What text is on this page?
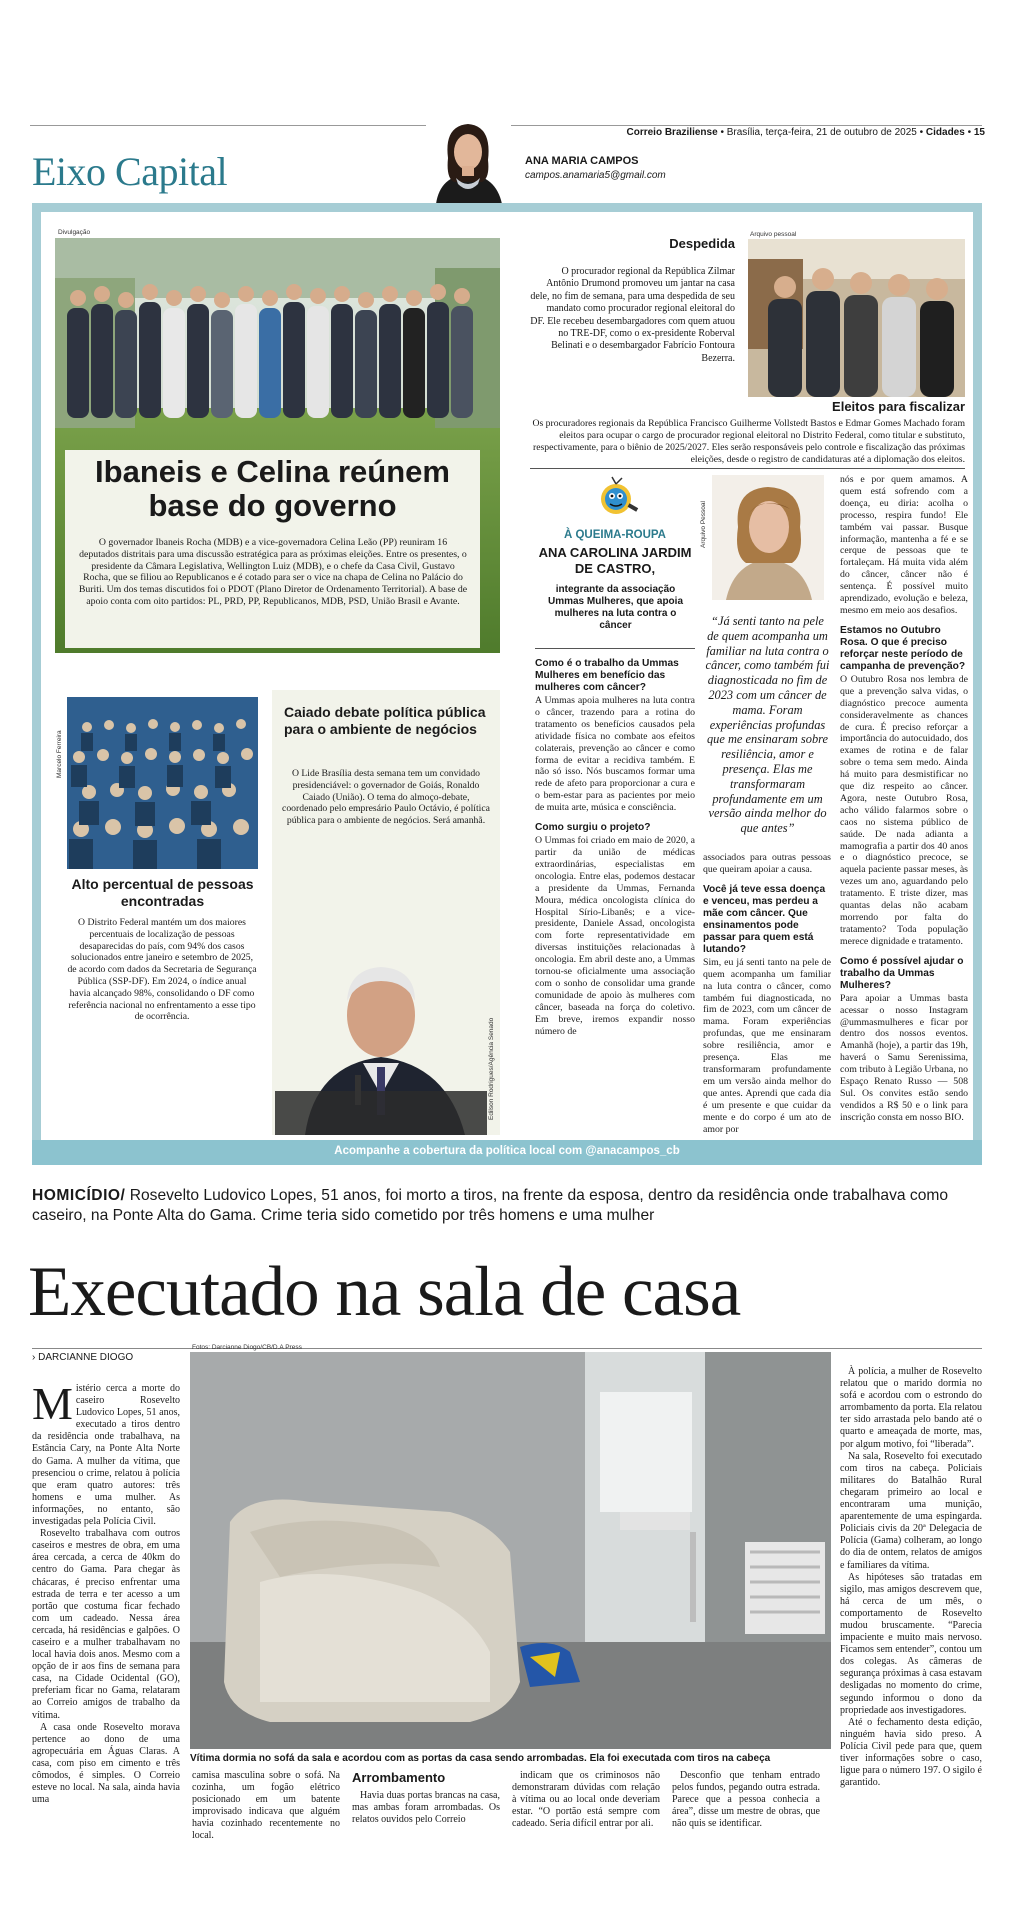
Correio Braziliense • Brasília, terça-feira, 21 de outubro de 2025 • Cidades • 15
Eixo Capital	ANA MARIA CAMPOS
campos.anamaria5@gmail.com
Acompanhe a cobertura da política local com @anacampos_cb
Divulgação
Ibaneis e Celina reúnem base do governo

O governador Ibaneis Rocha (MDB) e a vice-governadora Celina Leão (PP) reuniram 16 deputados distritais para uma discussão estratégica para as próximas eleições. Entre os presentes, o presidente da Câmara Legislativa, Wellington Luiz (MDB), e o chefe da Casa Civil, Gustavo Rocha, que se filiou ao Republicanos e é cotado para ser o vice na chapa de Celina no Palácio do Buriti. Um dos temas discutidos foi o PDOT (Plano Diretor de Ordenamento Territorial). A base de apoio conta com oito partidos: PL, PRD, PP, Republicanos, MDB, PSD, União Brasil e Avante.

Despedida

O procurador regional da República Zilmar Antônio Drumond promoveu um jantar na casa dele, no fim de semana, para uma despedida de seu mandato como procurador regional eleitoral do DF. Ele recebeu desembargadores com quem atuou no TRE-DF, como o ex-presidente Roberval Belinati e o desembargador Fabrício Fontoura Bezerra.

Arquivo pessoal
Eleitos para fiscalizar

Os procuradores regionais da República Francisco Guilherme Vollstedt Bastos e Edmar Gomes Machado foram eleitos para ocupar o cargo de procurador regional eleitoral no Distrito Federal, como titular e substituto, respectivamente, para o biênio de 2025/2027. Eles serão responsáveis pelo controle e fiscalização das próximas eleições, desde o registro de candidaturas até a diplomação dos eleitos.

Marcelo Ferreira
Alto percentual de pessoas encontradas

O Distrito Federal mantém um dos maiores percentuais de localização de pessoas desaparecidas do país, com 94% dos casos solucionados entre janeiro e setembro de 2025, de acordo com dados da Secretaria de Segurança Pública (SSP-DF). Em 2024, o índice anual havia alcançado 98%, consolidando o DF como referência nacional no enfrentamento a esse tipo de ocorrência.

Caiado debate política pública para o ambiente de negócios

O Lide Brasília desta semana tem um convidado presidenciável: o governador de Goiás, Ronaldo Caiado (União). O tema do almoço-debate, coordenado pelo empresário Paulo Octávio, é política pública para o ambiente de negócios. Será amanhã.

Edilson Rodrigues/Agência Senado
À QUEIMA-ROUPA
ANA CAROLINA JARDIM DE CASTRO,
integrante da associação Ummas Mulheres, que apoia mulheres na luta contra o câncer
Arquivo Pessoal

“Já senti tanto na pele de quem acompanha um familiar na luta contra o câncer, como também fui diagnosticada no fim de 2023 com um câncer de mama. Foram experiências profundas que me ensinaram sobre resiliência, amor e presença. Elas me transformaram profundamente em um versão ainda melhor do que antes”

Como é o trabalho da Ummas Mulheres em benefício das mulheres com câncer?

A Ummas apoia mulheres na luta contra o câncer, trazendo para a rotina do tratamento os benefícios causados pela atividade física no combate aos efeitos colaterais, prevenção ao câncer e como forma de evitar a recidiva também. E não só isso. Nós buscamos formar uma rede de afeto para proporcionar a cura e o bem-estar para as pacientes por meio de muita arte, música e consciência.

Como surgiu o projeto?

O Ummas foi criado em maio de 2020, a partir da união de médicas extraordinárias, especialistas em oncologia. Entre elas, podemos destacar a presidente da Ummas, Fernanda Moura, médica oncologista clínica do Hospital Sírio-Libanês; e a vice-presidente, Daniele Assad, oncologista com forte representatividade em diversas instituições relacionadas à oncologia. Em abril deste ano, a Ummas tornou-se oficialmente uma associação com o sonho de consolidar uma grande comunidade de apoio às mulheres com câncer, baseada na força do coletivo. Em breve, iremos expandir nosso número de

associados para outras pessoas que queiram apoiar a causa.

Você já teve essa doença e venceu, mas perdeu a mãe com câncer. Que ensinamentos pode passar para quem está lutando?

Sim, eu já senti tanto na pele de quem acompanha um familiar na luta contra o câncer, como também fui diagnosticada, no fim de 2023, com um câncer de mama. Foram experiências profundas, que me ensinaram sobre resiliência, amor e presença. Elas me transformaram profundamente em um versão ainda melhor do que antes. Aprendi que cada dia é um presente e que cuidar da mente e do corpo é um ato de amor por

nós e por quem amamos. A quem está sofrendo com a doença, eu diria: acolha o processo, respira fundo! Ele também vai passar. Busque informação, mantenha a fé e se cerque de pessoas que te fortaleçam. Há muita vida além do câncer, câncer não é sentença. É possível muito aprendizado, evolução e beleza, mesmo em meio aos desafios.

Estamos no Outubro Rosa. O que é preciso reforçar neste período de campanha de prevenção?

O Outubro Rosa nos lembra de que a prevenção salva vidas, o diagnóstico precoce aumenta consideravelmente as chances de cura. É preciso reforçar a importância do autocuidado, dos exames de rotina e de falar sobre o tema sem medo. Ainda há muito para desmistificar no que diz respeito ao câncer. Agora, neste Outubro Rosa, acho válido falarmos sobre o caos no sistema público de saúde. De nada adianta a mamografia a partir dos 40 anos e o diagnóstico precoce, se aquela paciente passar meses, às vezes um ano, aguardando pelo tratamento. E triste dizer, mas quantas delas não acabam morrendo por falta do tratamento? Toda população merece dignidade e tratamento.

Como é possível ajudar o trabalho da Ummas Mulheres?

Para apoiar a Ummas basta acessar o nosso Instagram @ummasmulheres e ficar por dentro dos nossos eventos. Amanhã (hoje), a partir das 19h, haverá o Samu Serenissima, com tributo à Legião Urbana, no Espaço Renato Russo — 508 Sul. Os convites estão sendo vendidos a R$ 50 e o link para inscrição consta em nosso BIO.

HOMICÍDIO/ Rosevelto Ludovico Lopes, 51 anos, foi morto a tiros, na frente da esposa, dentro da residência onde trabalhava como caseiro, na Ponte Alta do Gama. Crime teria sido cometido por três homens e uma mulher
Executado na sala de casa
› DARCIANNE DIOGO
Fotos: Darcianne Diogo/CB/D.A Press

Mistério cerca a morte do caseiro Rosevelto Ludovico Lopes, 51 anos, executado a tiros dentro da residência onde trabalhava, na Estância Cary, na Ponte Alta Norte do Gama. A mulher da vítima, que presenciou o crime, relatou à polícia que eram quatro autores: três homens e uma mulher. As informações, no entanto, são investigadas pela Polícia Civil.

Rosevelto trabalhava com outros caseiros e mestres de obra, em uma área cercada, a cerca de 40km do centro do Gama. Para chegar às chácaras, é preciso enfrentar uma estrada de terra e ter acesso a um portão que costuma ficar fechado com um cadeado. Nessa área cercada, há residências e galpões. O caseiro e a mulher trabalhavam no local havia dois anos. Mesmo com a opção de ir aos fins de semana para casa, na Cidade Ocidental (GO), preferiam ficar no Gama, relataram ao Correio amigos de trabalho da vítima.

A casa onde Rosevelto morava pertence ao dono de uma agropecuária em Águas Claras. A casa, com piso em cimento e três cômodos, é simples. O Correio esteve no local. Na sala, ainda havia uma

Vítima dormia no sofá da sala e acordou com as portas da casa sendo arrombadas. Ela foi executada com tiros na cabeça

camisa masculina sobre o sofá. Na cozinha, um fogão elétrico posicionado em um batente improvisado indicava que alguém havia cozinhado recentemente no local.

Arrombamento

Havia duas portas brancas na casa, mas ambas foram arrombadas. Os relatos ouvidos pelo Correio

indicam que os criminosos não demonstraram dúvidas com relação à vítima ou ao local onde deveriam estar. “O portão está sempre com cadeado. Seria difícil entrar por ali.

Desconfio que tenham entrado pelos fundos, pegando outra estrada. Parece que a pessoa conhecia a área”, disse um mestre de obras, que não quis se identificar.

À polícia, a mulher de Rosevelto relatou que o marido dormia no sofá e acordou com o estrondo do arrombamento da porta. Ela relatou ter sido arrastada pelo bando até o quarto e ameaçada de morte, mas, por algum motivo, foi “liberada”.

Na sala, Rosevelto foi executado com tiros na cabeça. Policiais militares do Batalhão Rural chegaram primeiro ao local e encontraram uma munição, aparentemente de uma espingarda. Policiais civis da 20ª Delegacia de Polícia (Gama) colheram, ao longo do dia de ontem, relatos de amigos e familiares da vítima.

As hipóteses são tratadas em sigilo, mas amigos descrevem que, há cerca de um mês, o comportamento de Rosevelto mudou bruscamente. “Parecia impaciente e muito mais nervoso. Ficamos sem entender”, contou um dos colegas. As câmeras de segurança próximas à casa estavam desligadas no momento do crime, segundo informou o dono da propriedade aos investigadores.

Até o fechamento desta edição, ninguém havia sido preso. A Polícia Civil pede para que, quem tiver informações sobre o caso, ligue para o número 197. O sigilo é garantido.
